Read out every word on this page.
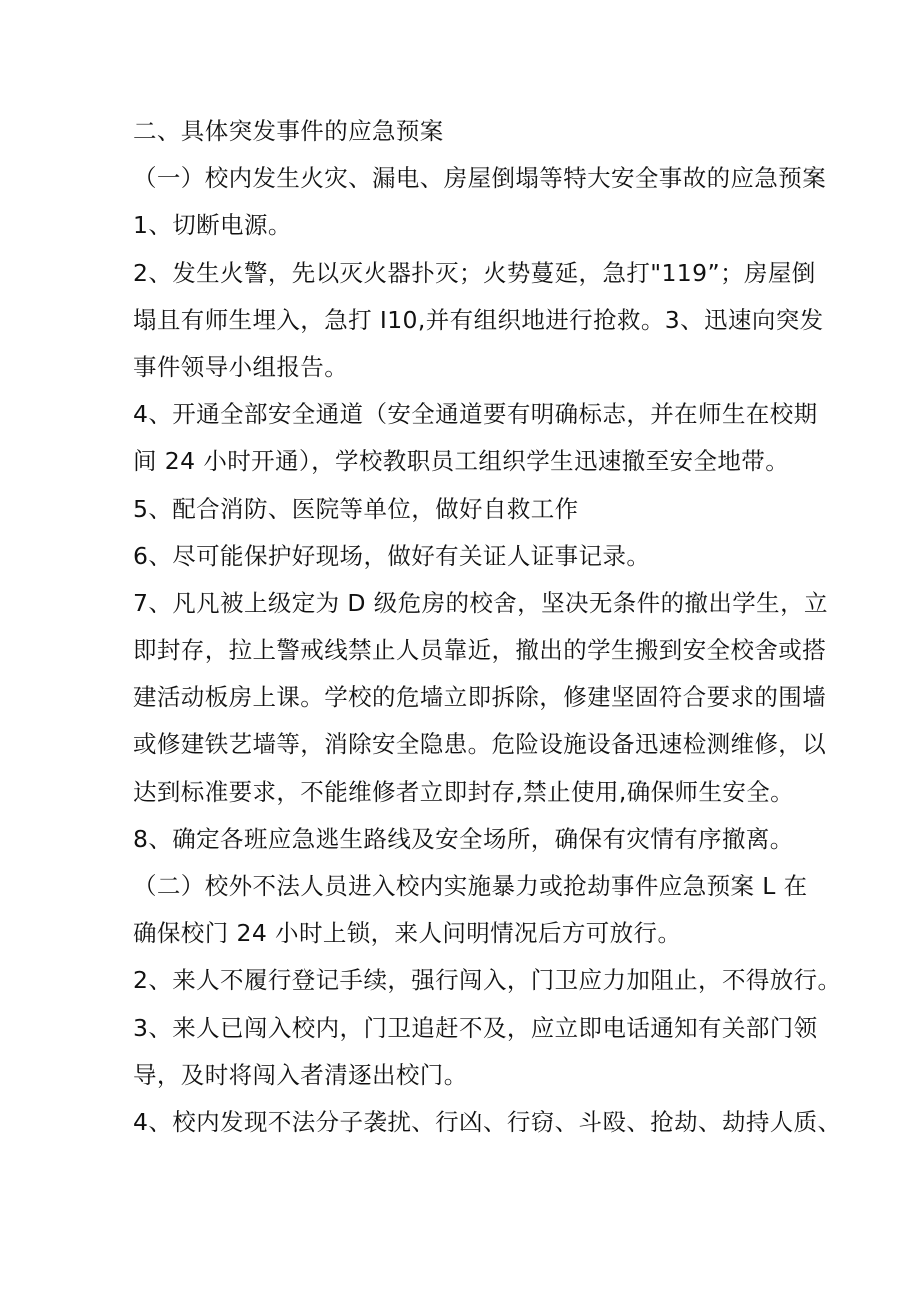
二、具体突发事件的应急预案
（一）校内发生火灾、漏电、房屋倒塌等特大安全事故的应急预案
1、切断电源。
2、发生火警，先以灭火器扑灭；火势蔓延，急打"119”；房屋倒
塌且有师生埋入，急打 I10,并有组织地进行抢救。3、迅速向突发
事件领导小组报告。
4、开通全部安全通道（安全通道要有明确标志，并在师生在校期
间 24 小时开通），学校教职员工组织学生迅速撤至安全地带。
5、配合消防、医院等单位，做好自救工作
6、尽可能保护好现场，做好有关证人证事记录。
7、凡凡被上级定为 D 级危房的校舍，坚决无条件的撤出学生，立
即封存，拉上警戒线禁止人员靠近，撤出的学生搬到安全校舍或搭
建活动板房上课。学校的危墙立即拆除，修建坚固符合要求的围墙
或修建铁艺墙等，消除安全隐患。危险设施设备迅速检测维修，以
达到标准要求，不能维修者立即封存,禁止使用,确保师生安全。
8、确定各班应急逃生路线及安全场所，确保有灾情有序撤离。
（二）校外不法人员进入校内实施暴力或抢劫事件应急预案 L 在
确保校门 24 小时上锁，来人问明情况后方可放行。
2、来人不履行登记手续，强行闯入，门卫应力加阻止，不得放行。
3、来人已闯入校内，门卫追赶不及，应立即电话通知有关部门领
导，及时将闯入者清逐出校门。
4、校内发现不法分子袭扰、行凶、行窃、斗殴、抢劫、劫持人质、
